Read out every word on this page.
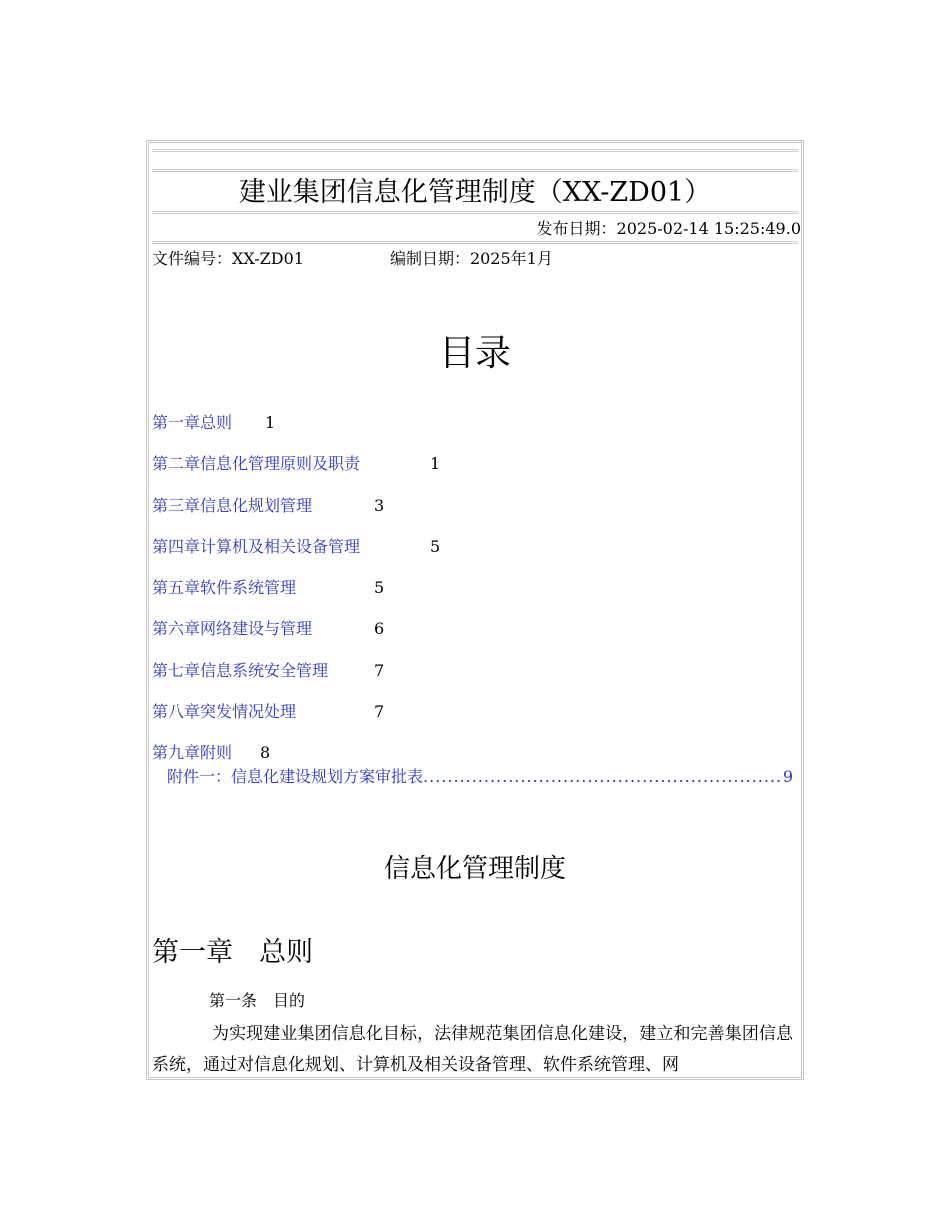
建业集团信息化管理制度（XX-ZD01）
发布日期：2025-02-14 15:25:49.0
文件编号：XX-ZD01	编制日期：2025年1月
目录
第一章总则 1
第二章信息化管理原则及职责	1
第三章信息化规划管理	3
第四章计算机及相关设备管理	5
第五章软件系统管理	5
第六章网络建设与管理	6
第七章信息系统安全管理	7
第八章突发情况处理	7
第九章附则 8
附件一：信息化建设规划方案审批表 .....	9
信息化管理制度
第一章 总则
第一条 目的
为实现建业集团信息化目标，法律规范集团信息化建设，建立和完善集团信息系统，通过对信息化规划、计算机及相关设备管理、软件系统管理、网
